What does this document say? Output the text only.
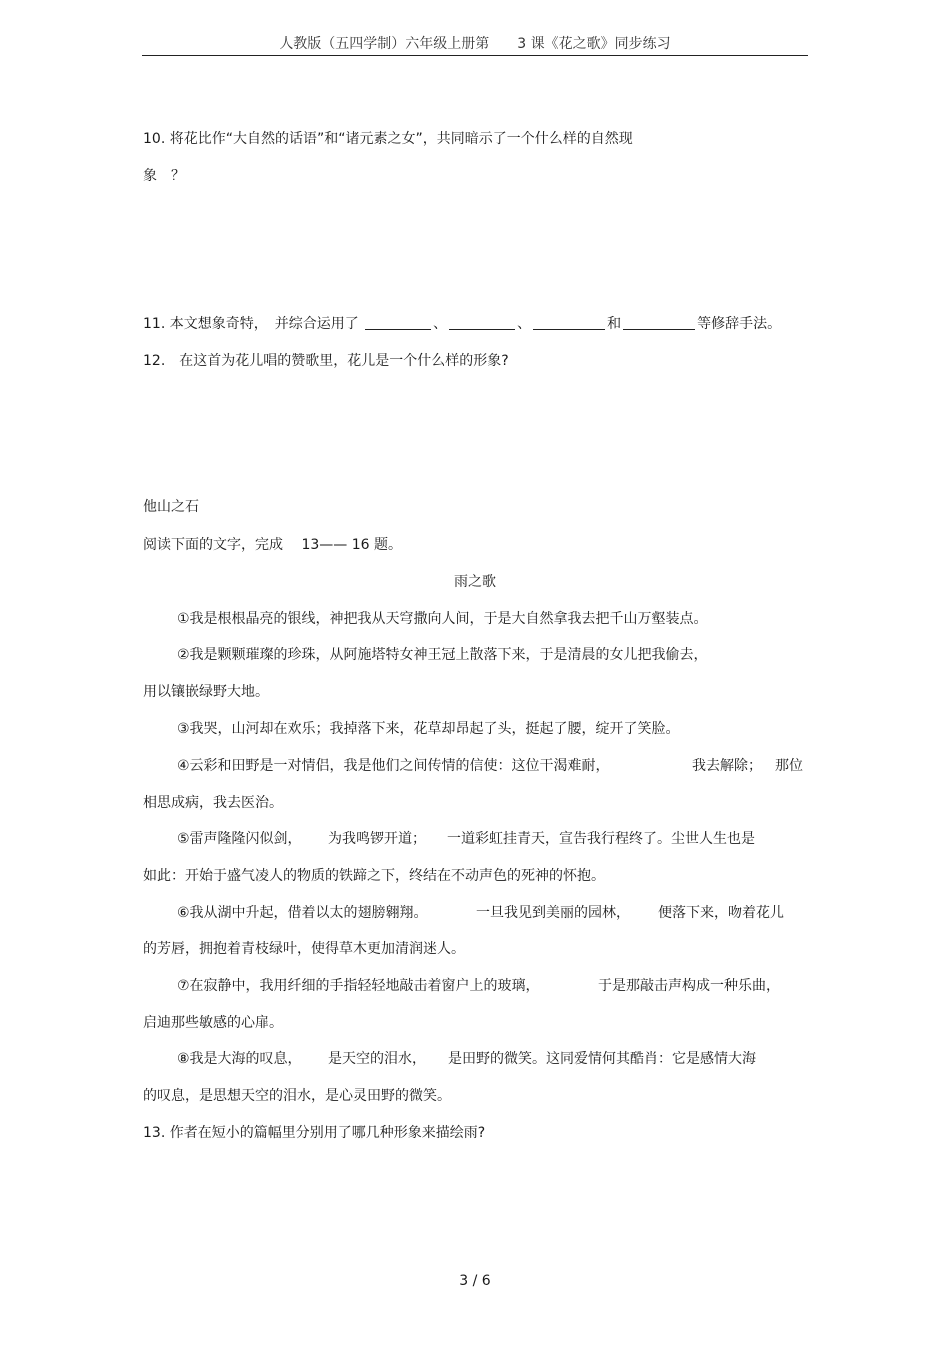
人教版（五四学制）六年级上册第　　3 课《花之歌》同步练习
10. 将花比作“大自然的话语”和“诸元素之女”，共同暗示了一个什么样的自然现
象　？
11. 本文想象奇特，　并综合运用了	、	、	和	等修辞手法。
12.　在这首为花儿唱的赞歌里，花儿是一个什么样的形象?
他山之石
阅读下面的文字，完成　 13—— 16 题。
雨之歌
①我是根根晶亮的银线，神把我从天穹撒向人间，于是大自然拿我去把千山万壑装点。
②我是颗颗璀璨的珍珠，从阿施塔特女神王冠上散落下来，于是清晨的女儿把我偷去，
用以镶嵌绿野大地。
③我哭，山河却在欢乐；我掉落下来，花草却昂起了头，挺起了腰，绽开了笑脸。
④云彩和田野是一对情侣，我是他们之间传情的信使：这位干渴难耐，	我去解除； 那位
相思成病，我去医治。
⑤雷声隆隆闪似剑， 为我鸣锣开道； 一道彩虹挂青天，宣告我行程终了。尘世人生也是
如此：开始于盛气凌人的物质的铁蹄之下，终结在不动声色的死神的怀抱。
⑥我从湖中升起，借着以太的翅膀翱翔。	一旦我见到美丽的园林， 便落下来，吻着花儿
的芳唇，拥抱着青枝绿叶，使得草木更加清润迷人。
⑦在寂静中，我用纤细的手指轻轻地敲击着窗户上的玻璃，	于是那敲击声构成一种乐曲，
启迪那些敏感的心扉。
⑧我是大海的叹息， 是天空的泪水， 是田野的微笑。这同爱情何其酷肖：它是感情大海
的叹息，是思想天空的泪水，是心灵田野的微笑。
13. 作者在短小的篇幅里分别用了哪几种形象来描绘雨?
3 / 6
